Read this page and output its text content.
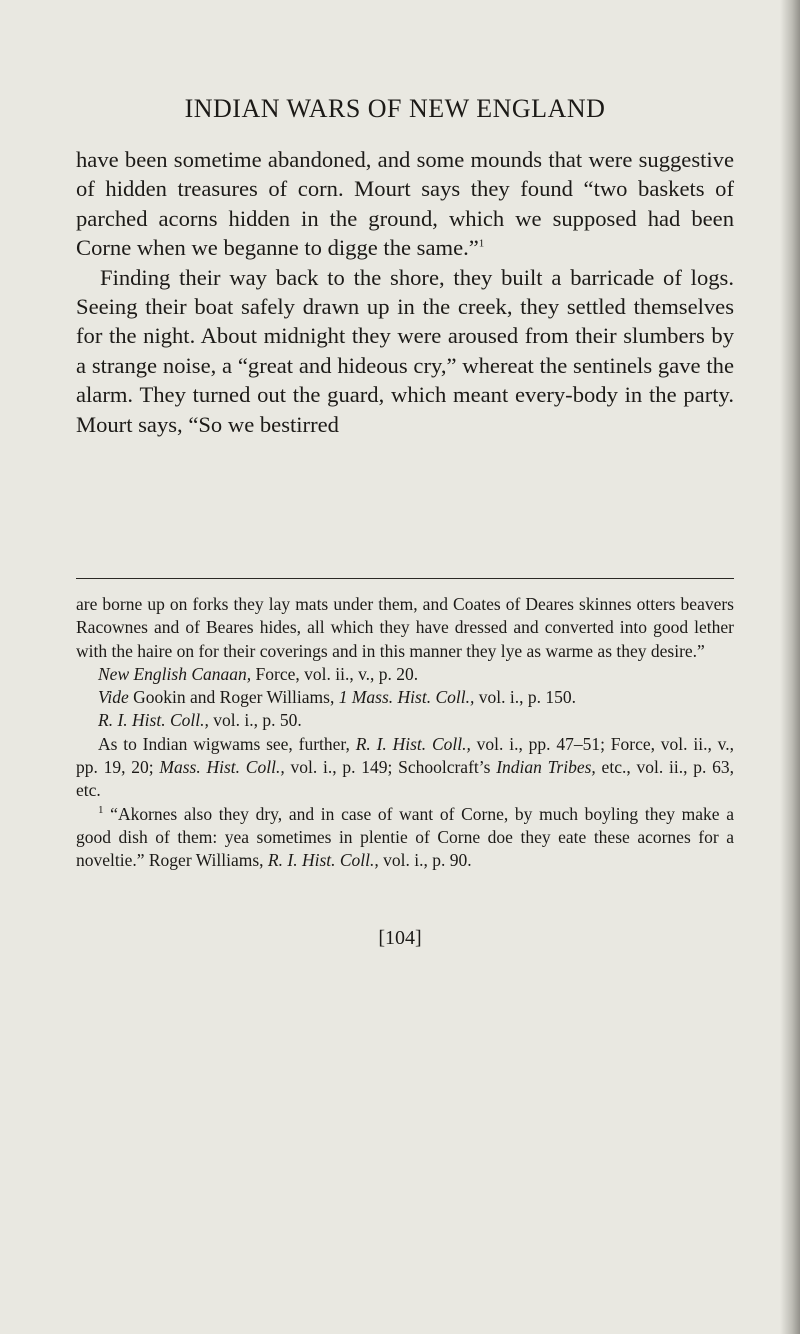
INDIAN WARS OF NEW ENGLAND

have been sometime abandoned, and some mounds that were suggestive of hidden treasures of corn. Mourt says they found “two baskets of parched acorns hidden in the ground, which we supposed had been Corne when we beganne to digge the same.”$^1$

Finding their way back to the shore, they built a barricade of logs. Seeing their boat safely drawn up in the creek, they settled themselves for the night. About midnight they were aroused from their slumbers by a strange noise, a “great and hideous cry,” whereat the sentinels gave the alarm. They turned out the guard, which meant every-body in the party. Mourt says, “So we bestirred

are borne up on forks they lay mats under them, and Coates of Deares skinnes otters beavers Racownes and of Beares hides, all which they have dressed and converted into good lether with the haire on for their coverings and in this manner they lye as warme as they desire.”

New English Canaan, Force, vol. ii., v., p. 20.

Vide Gookin and Roger Williams, 1 Mass. Hist. Coll., vol. i., p. 150.

R. I. Hist. Coll., vol. i., p. 50.

As to Indian wigwams see, further, R. I. Hist. Coll., vol. i., pp. 47–51; Force, vol. ii., v., pp. 19, 20; Mass. Hist. Coll., vol. i., p. 149; Schoolcraft’s Indian Tribes, etc., vol. ii., p. 63, etc.

$^1$ “Akornes also they dry, and in case of want of Corne, by much boyling they make a good dish of them: yea sometimes in plentie of Corne doe they eate these acornes for a noveltie.” Roger Williams, R. I. Hist. Coll., vol. i., p. 90.

[104]
